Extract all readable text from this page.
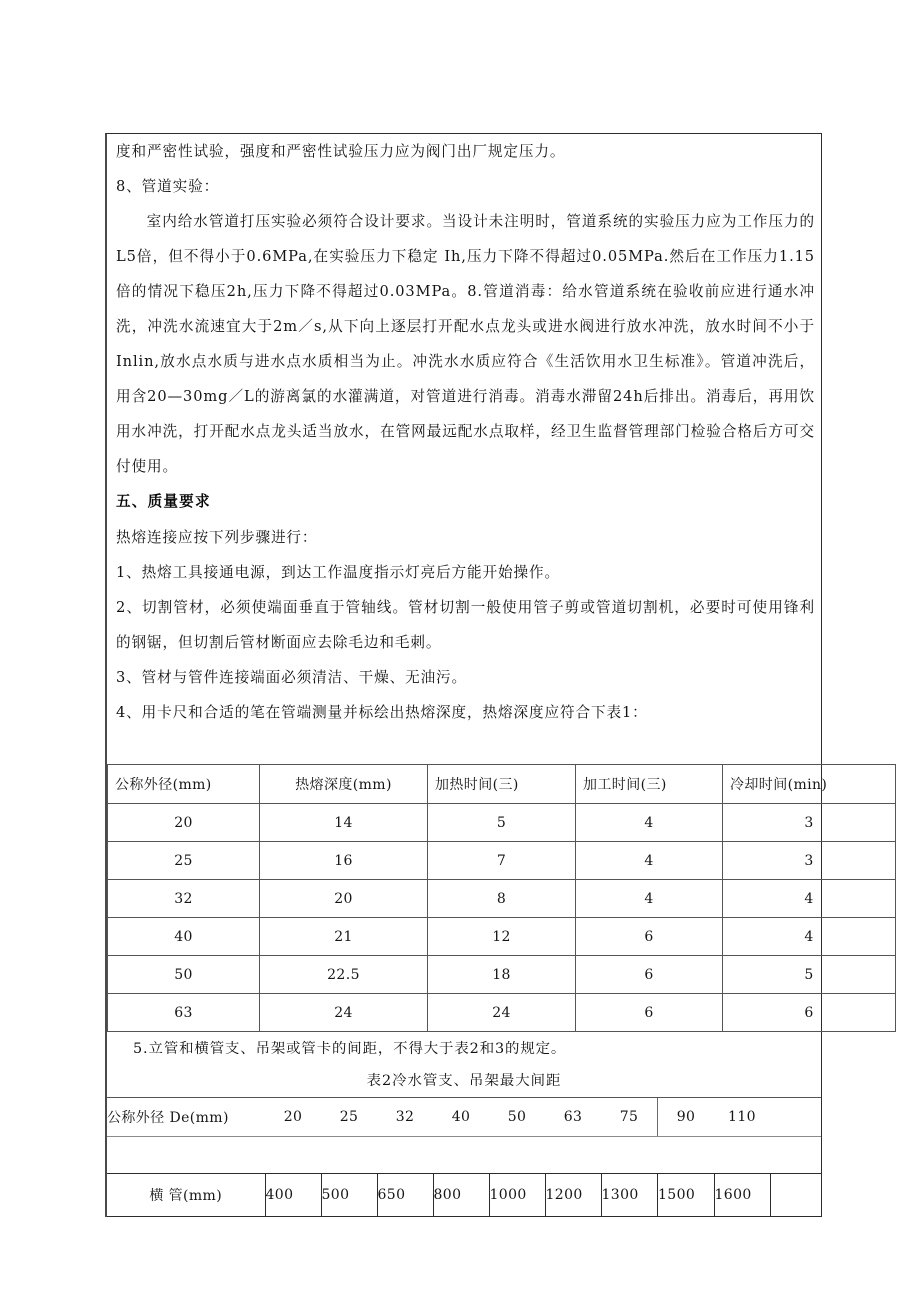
度和严密性试验，强度和严密性试验压力应为阀门出厂规定压力。
8、管道实验：
室内给水管道打压实验必须符合设计要求。当设计未注明时，管道系统的实验压力应为工作压力的L5倍，但不得小于0.6MPa,在实验压力下稳定 Ih,压力下降不得超过0.05MPa.然后在工作压力1.15倍的情况下稳压2h,压力下降不得超过0.03MPa。8.管道消毒：给水管道系统在验收前应进行通水冲洗，冲洗水流速宜大于2m／s,从下向上逐层打开配水点龙头或进水阀进行放水冲洗，放水时间不小于Inlin,放水点水质与进水点水质相当为止。冲洗水水质应符合《生活饮用水卫生标准》。管道冲洗后，用含20—30mg／L的游离氯的水灌满道，对管道进行消毒。消毒水滞留24h后排出。消毒后，再用饮用水冲洗，打开配水点龙头适当放水，在管网最远配水点取样，经卫生监督管理部门检验合格后方可交付使用。
五、质量要求
热熔连接应按下列步骤进行：
1、热熔工具接通电源，到达工作温度指示灯亮后方能开始操作。
2、切割管材，必须使端面垂直于管轴线。管材切割一般使用管子剪或管道切割机，必要时可使用锋利的钢锯，但切割后管材断面应去除毛边和毛刺。
3、管材与管件连接端面必须清洁、干燥、无油污。
4、用卡尺和合适的笔在管端测量并标绘出热熔深度，热熔深度应符合下表1：
公称外径(mm)	热熔深度(mm)	加热时间(三)	加工时间(三)	冷却时间(min)
20	14	5	4	3
25	16	7	4	3
32	20	8	4	4
40	21	12	6	4
50	22.5	18	6	5
63	24	24	6	6
5.立管和横管支、吊架或管卡的间距，不得大于表2和3的规定。
表2冷水管支、吊架最大间距
公称外径 De(mm)	20	25	32	40	50	63	75	90	110	

横 管(mm)	400	500	650	800	1000	1200	1300	1500	1600	
